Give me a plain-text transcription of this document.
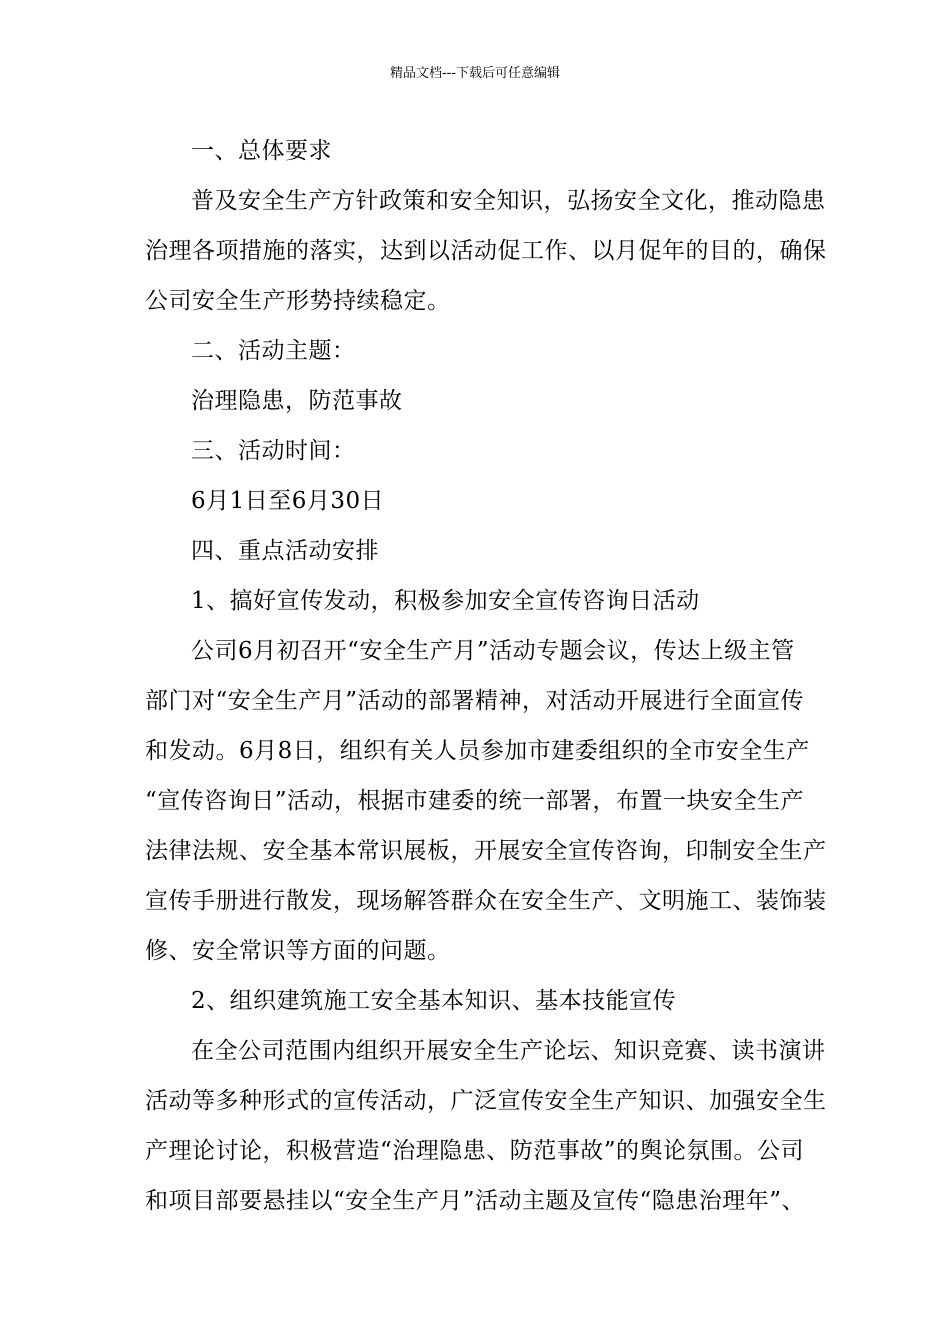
精品文档---下载后可任意编辑
一、总体要求
普及安全生产方针政策和安全知识，弘扬安全文化，推动隐患
治理各项措施的落实，达到以活动促工作、以月促年的目的，确保
公司安全生产形势持续稳定。
二、活动主题：
治理隐患，防范事故
三、活动时间：
6月1日至6月30日
四、重点活动安排
1、搞好宣传发动，积极参加安全宣传咨询日活动
公司6月初召开“安全生产月”活动专题会议，传达上级主管
部门对“安全生产月”活动的部署精神，对活动开展进行全面宣传
和发动。6月8日，组织有关人员参加市建委组织的全市安全生产
“宣传咨询日”活动，根据市建委的统一部署，布置一块安全生产
法律法规、安全基本常识展板，开展安全宣传咨询，印制安全生产
宣传手册进行散发，现场解答群众在安全生产、文明施工、装饰装
修、安全常识等方面的问题。
2、组织建筑施工安全基本知识、基本技能宣传
在全公司范围内组织开展安全生产论坛、知识竞赛、读书演讲
活动等多种形式的宣传活动，广泛宣传安全生产知识、加强安全生
产理论讨论，积极营造“治理隐患、防范事故”的舆论氛围。公司
和项目部要悬挂以“安全生产月”活动主题及宣传“隐患治理年”、
